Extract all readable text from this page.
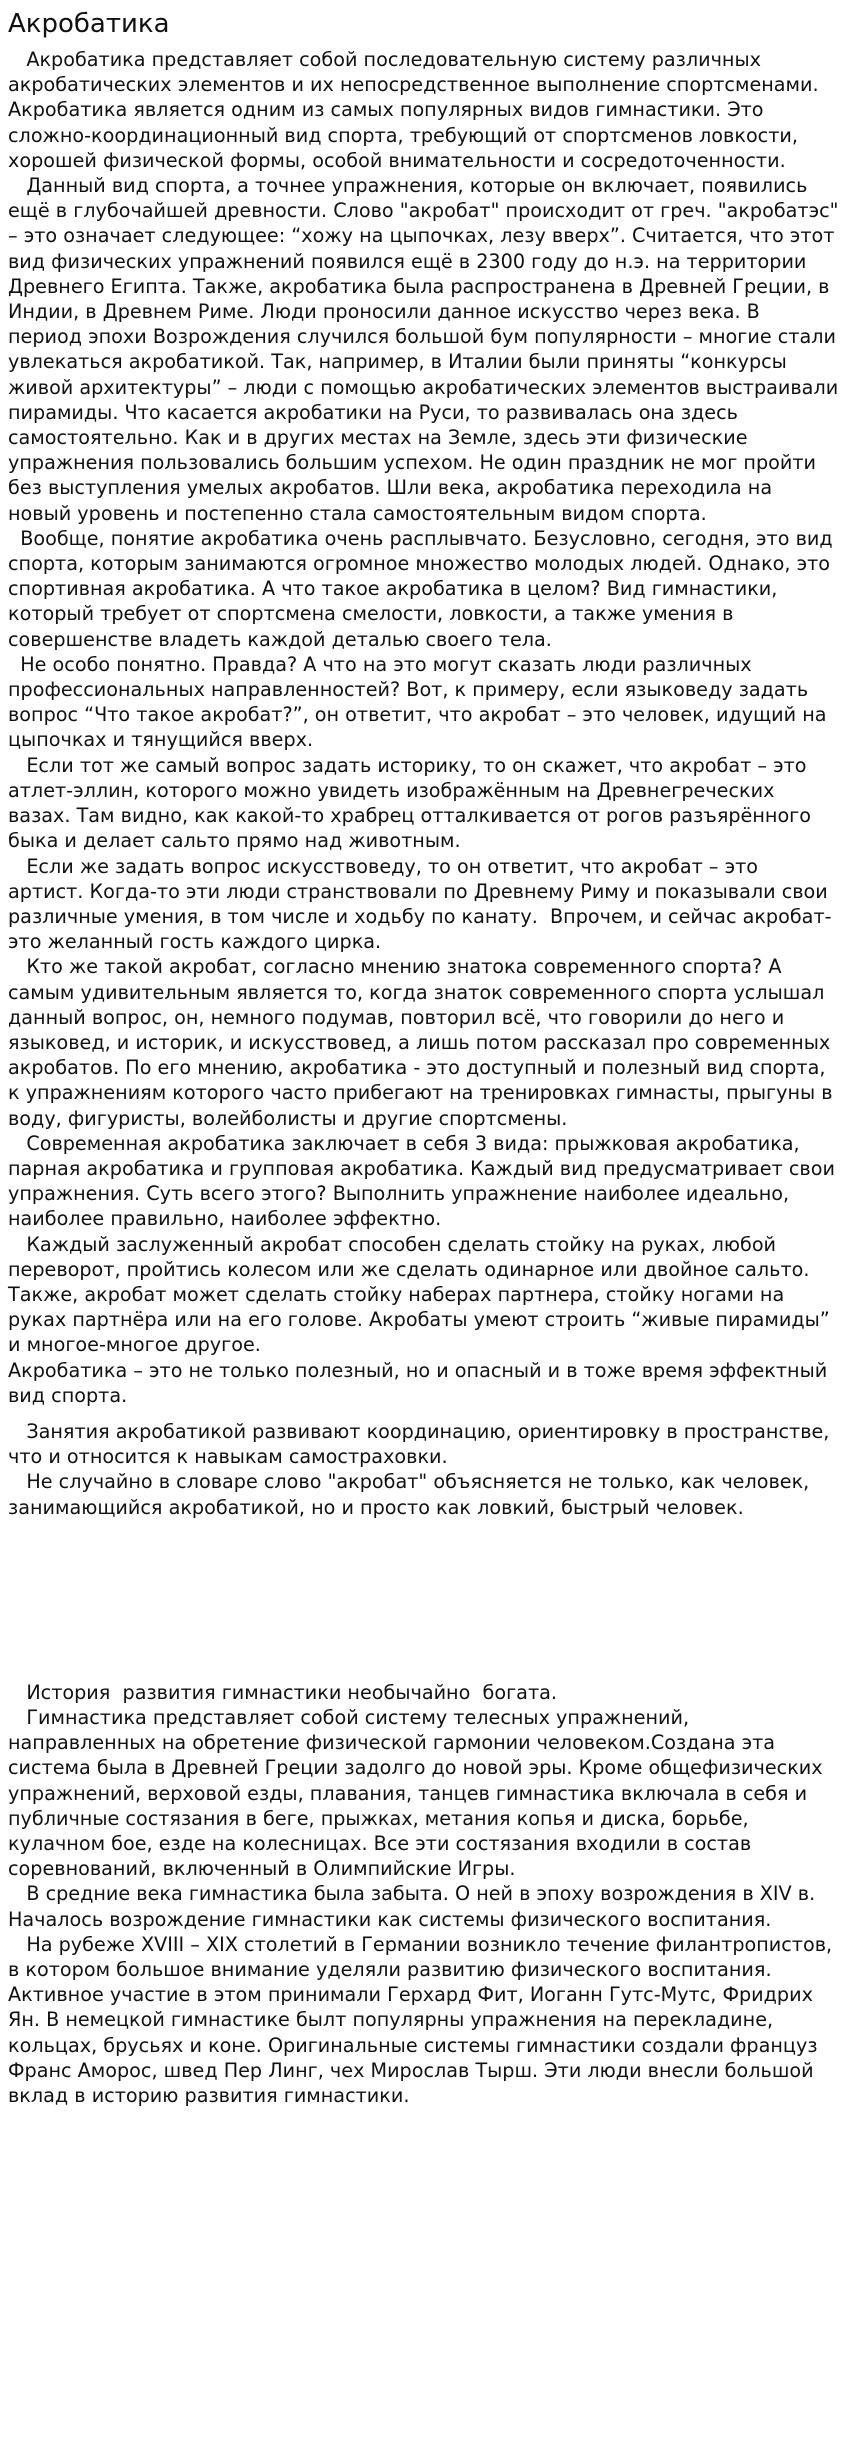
Акробатика

Акробатика представляет собой последовательную систему различных акробатических элементов и их непосредственное выполнение спортсменами. Акробатика является одним из самых популярных видов гимнастики. Это сложно-координационный вид спорта, требующий от спортсменов ловкости, хорошей физической формы, особой внимательности и сосредоточенности.

Данный вид спорта, а точнее упражнения, которые он включает, появились ещё в глубочайшей древности. Слово "акробат" происходит от греч. "акробатэс" – это означает следующее: “хожу на цыпочках, лезу вверх”. Считается, что этот вид физических упражнений появился ещё в 2300 году до н.э. на территории Древнего Египта. Также, акробатика была распространена в Древней Греции, в Индии, в Древнем Риме. Люди проносили данное искусство через века. В период эпохи Возрождения случился большой бум популярности – многие стали увлекаться акробатикой. Так, например, в Италии были приняты “конкурсы живой архитектуры” – люди с помощью акробатических элементов выстраивали пирамиды. Что касается акробатики на Руси, то развивалась она здесь самостоятельно. Как и в других местах на Земле, здесь эти физические упражнения пользовались большим успехом. Не один праздник не мог пройти без выступления умелых акробатов. Шли века, акробатика переходила на новый уровень и постепенно стала самостоятельным видом спорта.

Вообще, понятие акробатика очень расплывчато. Безусловно, сегодня, это вид спорта, которым занимаются огромное множество молодых людей. Однако, это спортивная акробатика. А что такое акробатика в целом? Вид гимнастики, который требует от спортсмена смелости, ловкости, а также умения в совершенстве владеть каждой деталью своего тела.

Не особо понятно. Правда? А что на это могут сказать люди различных профессиональных направленностей? Вот, к примеру, если языковеду задать вопрос “Что такое акробат?”, он ответит, что акробат – это человек, идущий на цыпочках и тянущийся вверх.

Если тот же самый вопрос задать историку, то он скажет, что акробат – это атлет-эллин, которого можно увидеть изображённым на Древнегреческих вазах. Там видно, как какой-то храбрец отталкивается от рогов разъярённого быка и делает сальто прямо над животным.

Если же задать вопрос искусствоведу, то он ответит, что акробат – это артист. Когда-то эти люди странствовали по Древнему Риму и показывали свои различные умения, в том числе и ходьбу по канату.  Впрочем, и сейчас акробат- это желанный гость каждого цирка.

Кто же такой акробат, согласно мнению знатока современного спорта? А самым удивительным является то, когда знаток современного спорта услышал данный вопрос, он, немного подумав, повторил всё, что говорили до него и языковед, и историк, и искусствовед, а лишь потом рассказал про современных акробатов. По его мнению, акробатика - это доступный и полезный вид спорта, к упражнениям которого часто прибегают на тренировках гимнасты, прыгуны в воду, фигуристы, волейболисты и другие спортсмены.

Современная акробатика заключает в себя 3 вида: прыжковая акробатика, парная акробатика и групповая акробатика. Каждый вид предусматривает свои упражнения. Суть всего этого? Выполнить упражнение наиболее идеально, наиболее правильно, наиболее эффектно.

Каждый заслуженный акробат способен сделать стойку на руках, любой переворот, пройтись колесом или же сделать одинарное или двойное сальто. Также, акробат может сделать стойку наберах партнера, стойку ногами на руках партнёра или на его голове. Акробаты умеют строить “живые пирамиды” и многое-многое другое.

Акробатика – это не только полезный, но и опасный и в тоже время эффектный вид спорта.

Занятия акробатикой развивают координацию, ориентировку в пространстве, что и относится к навыкам самостраховки.

Не случайно в словаре слово "акробат" объясняется не только, как человек, занимающийся акробатикой, но и просто как ловкий, быстрый человек.

История  развития гимнастики необычайно  богата.

Гимнастика представляет собой систему телесных упражнений, направленных на обретение физической гармонии человеком.Создана эта система была в Древней Греции задолго до новой эры. Кроме общефизических упражнений, верховой езды, плавания, танцев гимнастика включала в себя и публичные состязания в беге, прыжках, метания копья и диска, борьбе, кулачном бое, езде на колесницах. Все эти состязания входили в состав соревнований, включенный в Олимпийские Игры.

В средние века гимнастика была забыта. О ней в эпоху возрождения в XIV в. Началось возрождение гимнастики как системы физического воспитания.

На рубеже XVIII – XIX столетий в Германии возникло течение филантропистов, в котором большое внимание уделяли развитию физического воспитания. Активное участие в этом принимали Герхард Фит, Иоганн Гутс-Мутс, Фридрих Ян. В немецкой гимнастике былт популярны упражнения на перекладине, кольцах, брусьях и коне. Оригинальные системы гимнастики создали француз Франс Аморос, швед Пер Линг, чех Мирослав Тырш. Эти люди внесли большой вклад в историю развития гимнастики.
